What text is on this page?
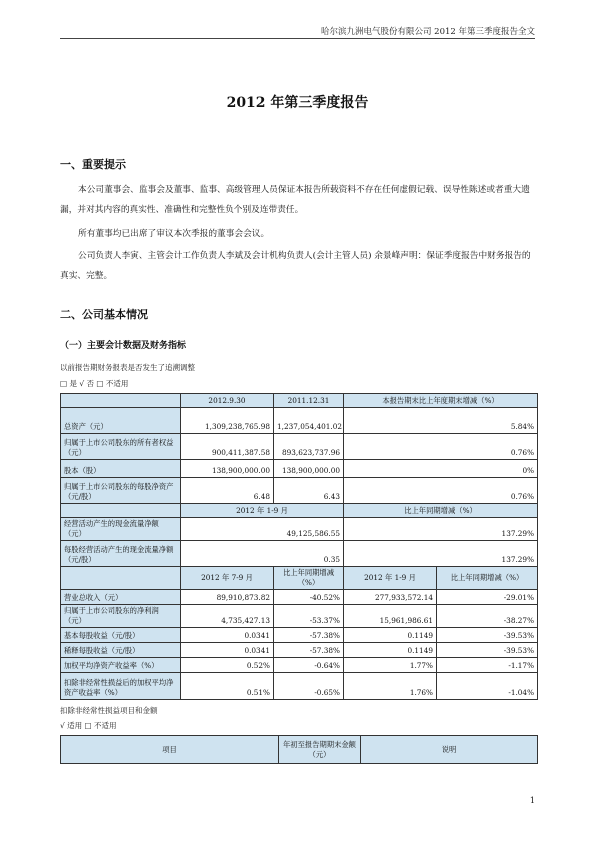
哈尔滨九洲电气股份有限公司 2012 年第三季度报告全文
2012 年第三季度报告
一、重要提示
本公司董事会、监事会及董事、监事、高级管理人员保证本报告所载资料不存在任何虚假记载、误导性陈述或者重大遗漏，并对其内容的真实性、准确性和完整性负个别及连带责任。
所有董事均已出席了审议本次季报的董事会会议。
公司负责人李寅、主管会计工作负责人李斌及会计机构负责人(会计主管人员) 余景峰声明：保证季度报告中财务报告的真实、完整。
二、公司基本情况
（一）主要会计数据及财务指标
以前报告期财务报表是否发生了追溯调整
□ 是 √ 否 □ 不适用
	2012.9.30	2011.12.31	本报告期末比上年度期末增减（%）	
总资产（元）	1,309,238,765.98	1,237,054,401.02	5.84%	
归属于上市公司股东的所有者权益（元）	900,411,387.58	893,623,737.96	0.76%	
股本（股）	138,900,000.00	138,900,000.00	0%	
归属于上市公司股东的每股净资产（元/股）	6.48	6.43	0.76%	
	2012 年 1-9 月		比上年同期增减（%）	
经营活动产生的现金流量净额（元）	49,125,586.55		137.29%	
每股经营活动产生的现金流量净额（元/股）	0.35		137.29%	
	2012 年 7-9 月	比上年同期增减（%）	2012 年 1-9 月	比上年同期增减（%）
营业总收入（元）	89,910,873.82	-40.52%	277,933,572.14	-29.01%
归属于上市公司股东的净利润（元）	4,735,427.13	-53.37%	15,961,986.61	-38.27%
基本每股收益（元/股）	0.0341	-57.38%	0.1149	-39.53%
稀释每股收益（元/股）	0.0341	-57.38%	0.1149	-39.53%
加权平均净资产收益率（%）	0.52%	-0.64%	1.77%	-1.17%
扣除非经常性损益后的加权平均净资产收益率（%）	0.51%	-0.65%	1.76%	-1.04%
扣除非经常性损益项目和金额
√ 适用 □ 不适用
项目	年初至报告期期末金额（元）	说明
1
